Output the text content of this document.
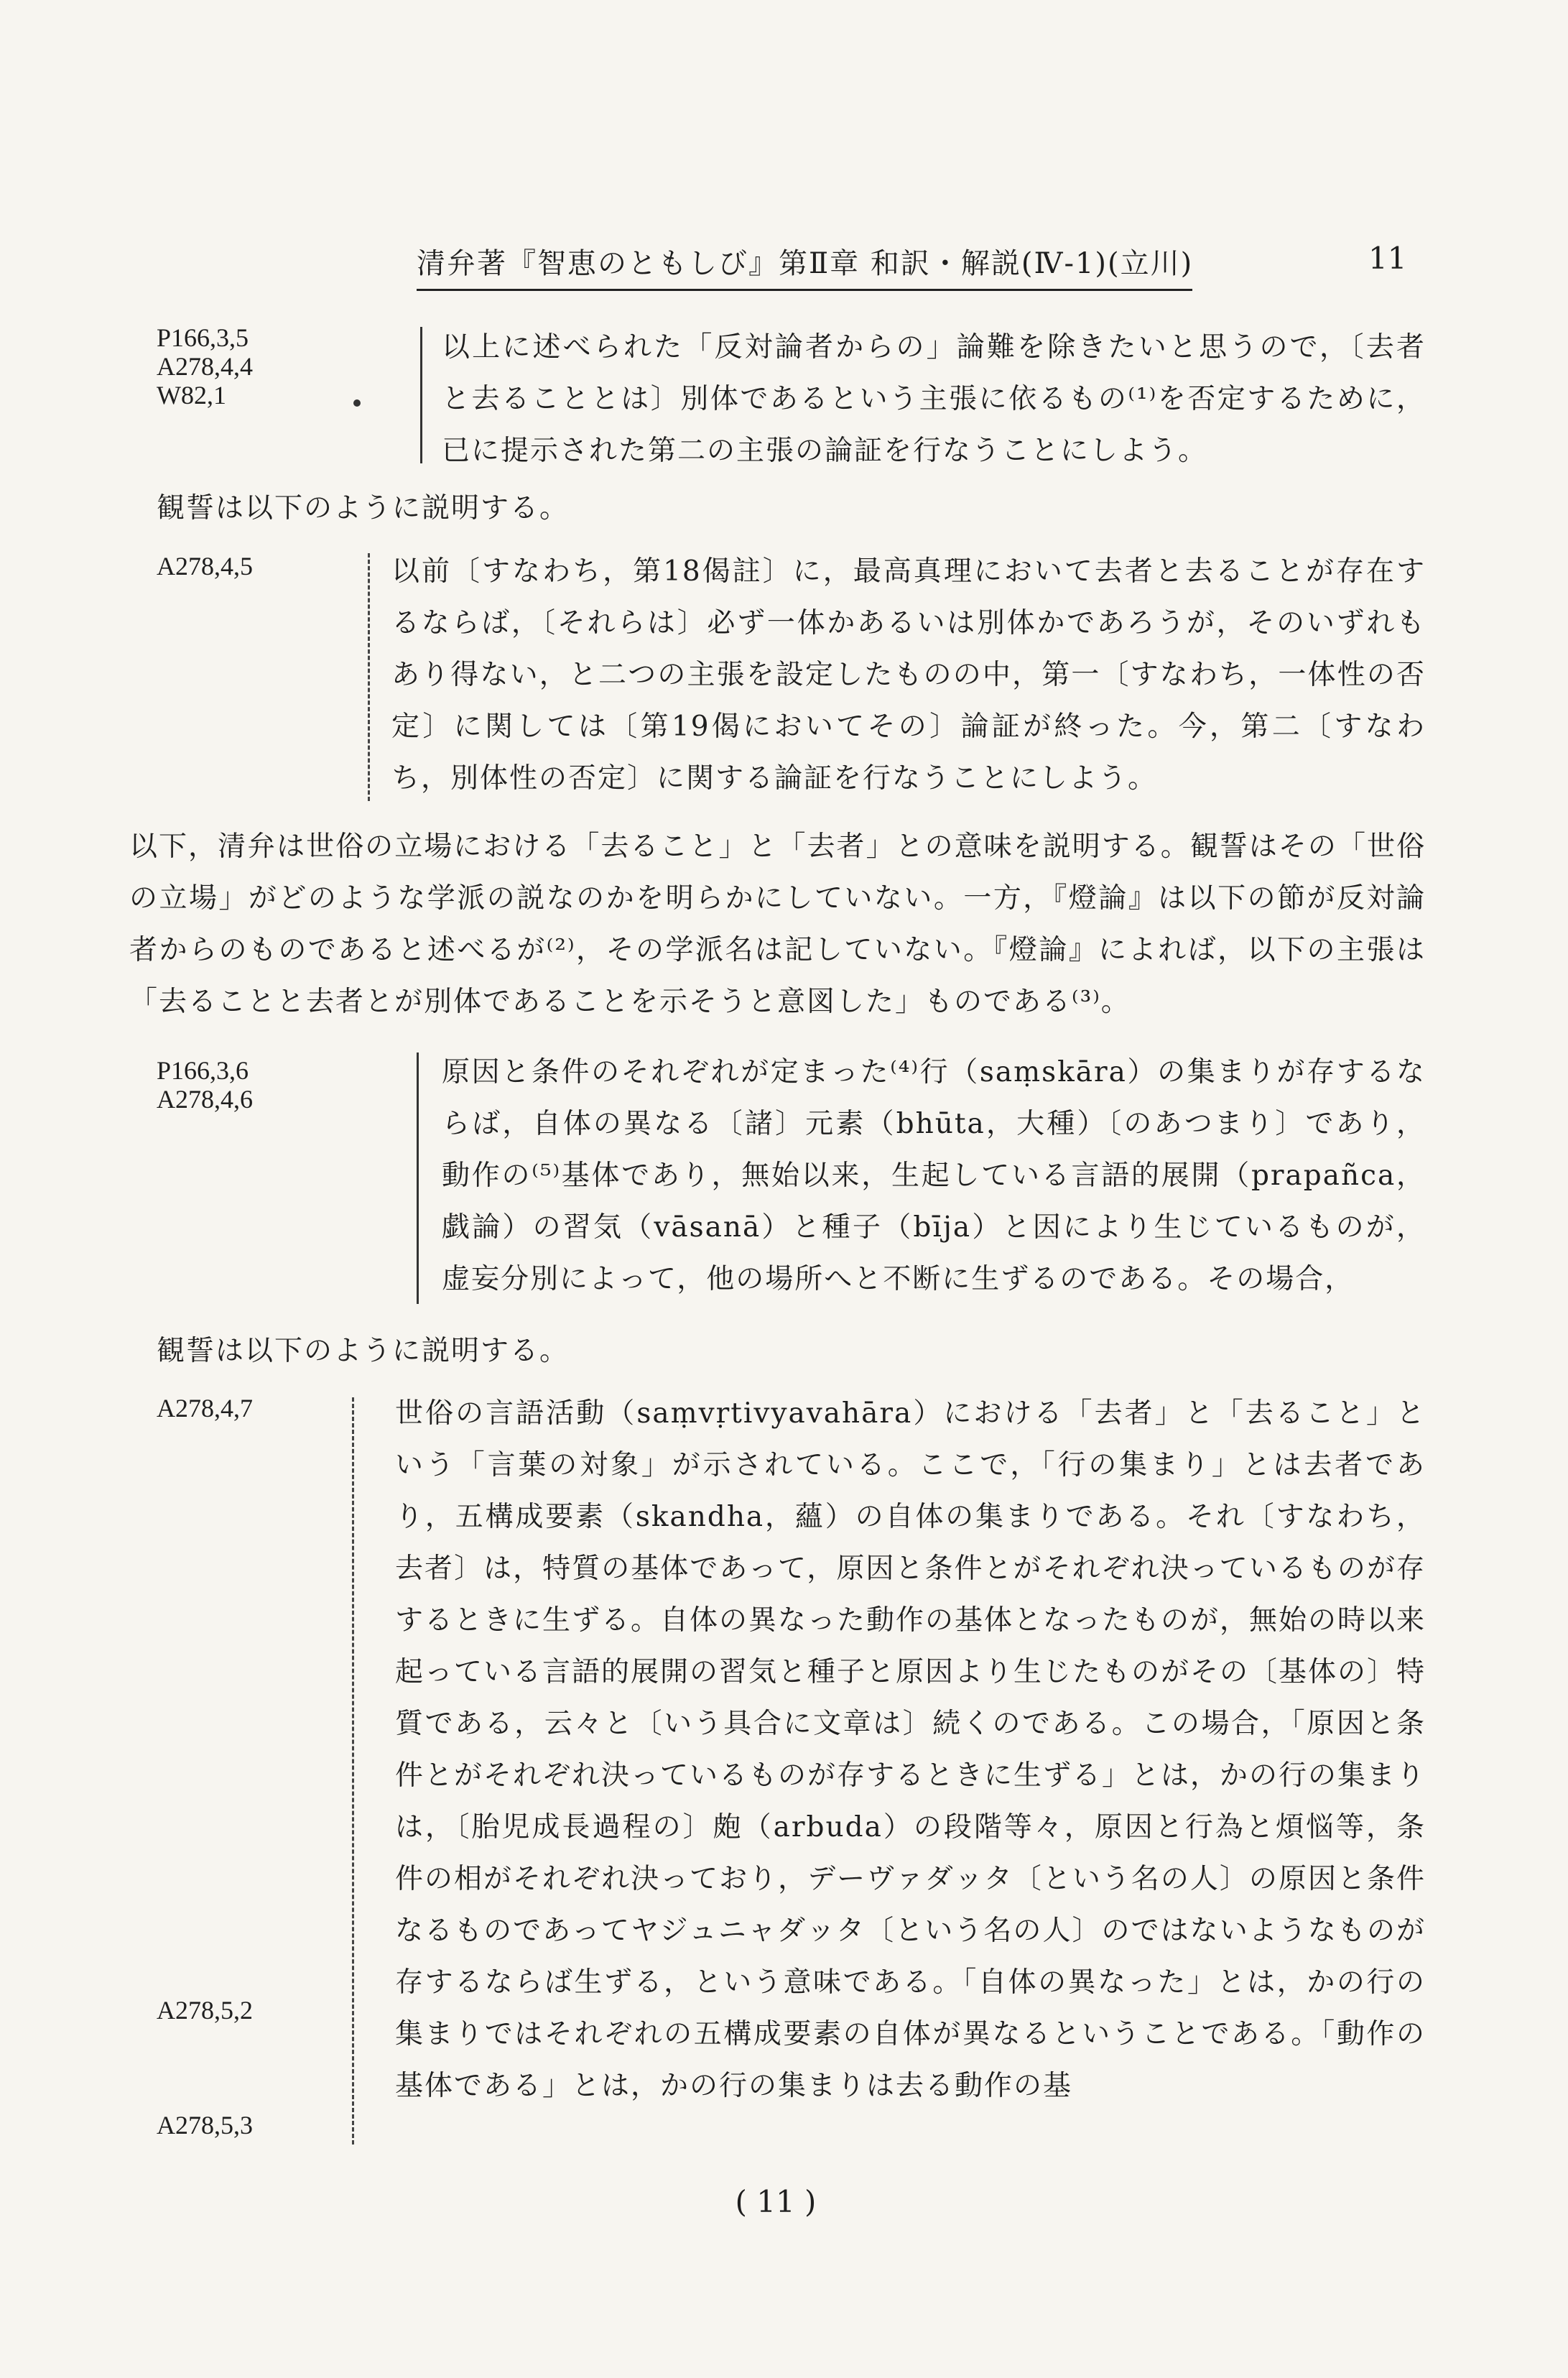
清弁著『智恵のともしび』第Ⅱ章 和訳・解説(Ⅳ-1)(立川)	11
P166,3,5
A278,4,4
W82,1

以上に述べられた「反対論者からの」論難を除きたいと思うので，〔去者と去ることとは〕別体であるという主張に依るもの⁽¹⁾を否定するために，已に提示された第二の主張の論証を行なうことにしよう。

観誓は以下のように説明する。

A278,4,5	以前〔すなわち，第18偈註〕に，最高真理において去者と去ることが存在するならば，〔それらは〕必ず一体かあるいは別体かであろうが，そのいずれもあり得ない，と二つの主張を設定したものの中，第一〔すなわち，一体性の否定〕に関しては〔第19偈においてその〕論証が終った。今，第二〔すなわち，別体性の否定〕に関する論証を行なうことにしよう。

以下，清弁は世俗の立場における「去ること」と「去者」との意味を説明する。観誓はその「世俗の立場」がどのような学派の説なのかを明らかにしていない。一方，『燈論』は以下の節が反対論者からのものであると述べるが⁽²⁾，その学派名は記していない。『燈論』によれば，以下の主張は「去ることと去者とが別体であることを示そうと意図した」ものである⁽³⁾。

P166,3,6
A278,4,6

原因と条件のそれぞれが定まった⁽⁴⁾行（saṃskāra）の集まりが存するならば，自体の異なる〔諸〕元素（bhūta，大種）〔のあつまり〕であり，動作の⁽⁵⁾基体であり，無始以来，生起している言語的展開（prapañca，戯論）の習気（vāsanā）と種子（bīja）と因により生じているものが，虚妄分別によって，他の場所へと不断に生ずるのである。その場合，

観誓は以下のように説明する。

A278,4,7
A278,5,2
A278,5,3

世俗の言語活動（saṃvṛtivyavahāra）における「去者」と「去ること」という「言葉の対象」が示されている。ここで，「行の集まり」とは去者であり，五構成要素（skandha，蘊）の自体の集まりである。それ〔すなわち，去者〕は，特質の基体であって，原因と条件とがそれぞれ決っているものが存するときに生ずる。自体の異なった動作の基体となったものが，無始の時以来起っている言語的展開の習気と種子と原因より生じたものがその〔基体の〕特質である，云々と〔いう具合に文章は〕続くのである。この場合，「原因と条件とがそれぞれ決っているものが存するときに生ずる」とは，かの行の集まりは，〔胎児成長過程の〕皰（arbuda）の段階等々，原因と行為と煩悩等，条件の相がそれぞれ決っており，デーヴァダッタ〔という名の人〕の原因と条件なるものであってヤジュニャダッタ〔という名の人〕のではないようなものが存するならば生ずる，という意味である。「自体の異なった」とは，かの行の集まりではそれぞれの五構成要素の自体が異なるということである。「動作の基体である」とは，かの行の集まりは去る動作の基

( 11 )
